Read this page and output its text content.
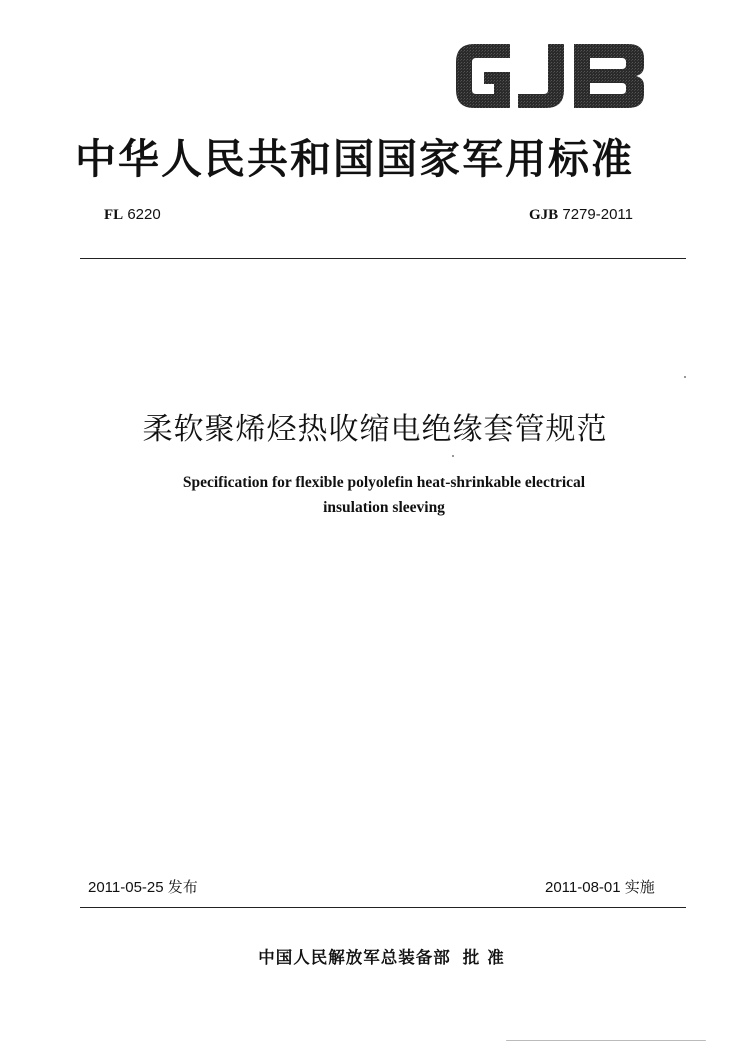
中华人民共和国国家军用标准
FL 6220	GJB 7279-2011
柔软聚烯烃热收缩电绝缘套管规范
Specification for flexible polyolefin heat-shrinkable electrical
insulation sleeving
2011-05-25 发布	2011-08-01 实施
中国人民解放军总装备部 批准
